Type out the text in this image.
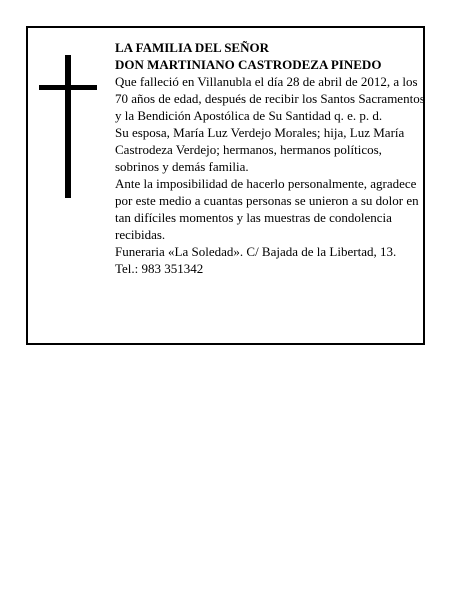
LA FAMILIA DEL SEÑOR

DON MARTINIANO CASTRODEZA PINEDO

Que falleció en Villanubla el día 28 de abril de 2012, a los 70 años de edad, después de recibir los Santos Sacramentos y la Bendición Apostólica de Su Santidad q. e. p. d.

Su esposa, María Luz Verdejo Morales; hija, Luz María Castrodeza Verdejo; hermanos, hermanos políticos, sobrinos y demás familia.

Ante la imposibilidad de hacerlo personalmente, agradece por este medio a cuantas personas se unieron a su dolor en tan difíciles momentos y las muestras de condolencia recibidas.

Funeraria «La Soledad». C/ Bajada de la Libertad, 13.

Tel.: 983 351342
